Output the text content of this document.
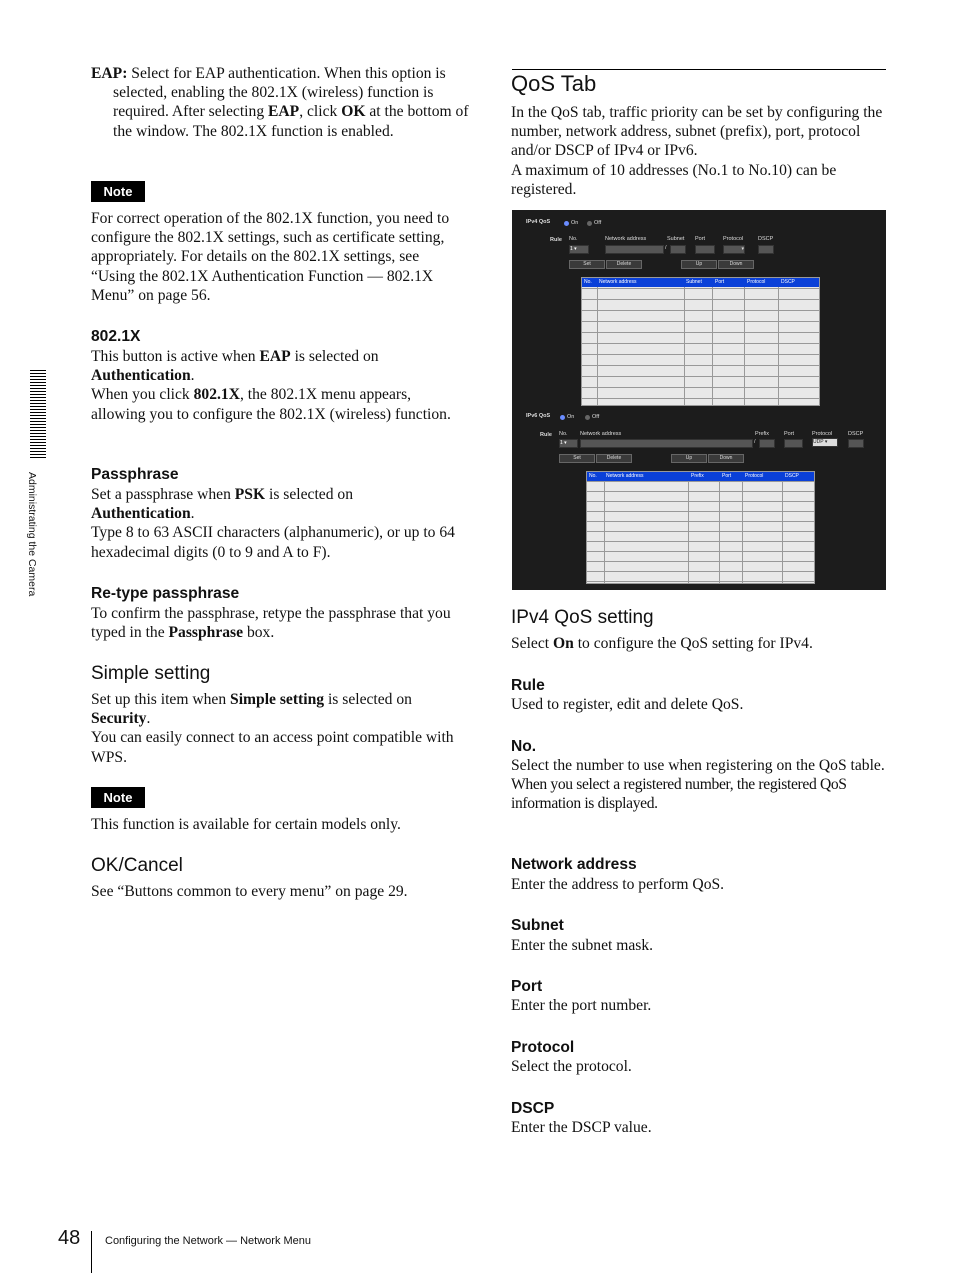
Administrating the Camera
EAP: Select for EAP authentication. When this option is selected, enabling the 802.1X (wireless) function is required. After selecting EAP, click OK at the bottom of the window. The 802.1X function is enabled.
Note
For correct operation of the 802.1X function, you need to configure the 802.1X settings, such as certificate setting, appropriately. For details on the 802.1X settings, see “Using the 802.1X Authentication Function — 802.1X Menu” on page 56.
802.1X
This button is active when EAP is selected on
Authentication.
When you click 802.1X, the 802.1X menu appears, allowing you to configure the 802.1X (wireless) function.
Passphrase
Set a passphrase when PSK is selected on
Authentication.
Type 8 to 63 ASCII characters (alphanumeric), or up to 64 hexadecimal digits (0 to 9 and A to F).
Re-type passphrase
To confirm the passphrase, retype the passphrase that you typed in the Passphrase box.
Simple setting
Set up this item when Simple setting is selected on
Security.
You can easily connect to an access point compatible with WPS.
Note
This function is available for certain models only.
OK/Cancel
See “Buttons common to every menu” on page 29.
QoS Tab

In the QoS tab, traffic priority can be set by configuring the number, network address, subnet (prefix), port, protocol and/or DSCP of IPv4 or IPv6.

A maximum of 10 addresses (No.1 to No.10) can be registered.

IPv4 QoS	On	Off
Rule No.	Network address	Subnet Port	Protocol	DSCP
1 ▾	/	▾
Set	Delete	Up	Down
No. Network address	Subnet	Port	Protocol	DSCP
IPv6 QoS	On	Off
Rule No. Network address	Prefix	Port	Protocol	DSCP
1 ▾	/	UDP ▾
Set	Delete	Up	Down
No. Network address	Prefix	Port	Protocol	DSCP
IPv4 QoS setting
Select On to configure the QoS setting for IPv4.
Rule
Used to register, edit and delete QoS.
No.

Select the number to use when registering on the QoS table.

When you select a registered number, the registered QoS information is displayed.

Network address
Enter the address to perform QoS.
Subnet
Enter the subnet mask.
Port
Enter the port number.
Protocol
Select the protocol.
DSCP
Enter the DSCP value.
48 Configuring the Network — Network Menu
